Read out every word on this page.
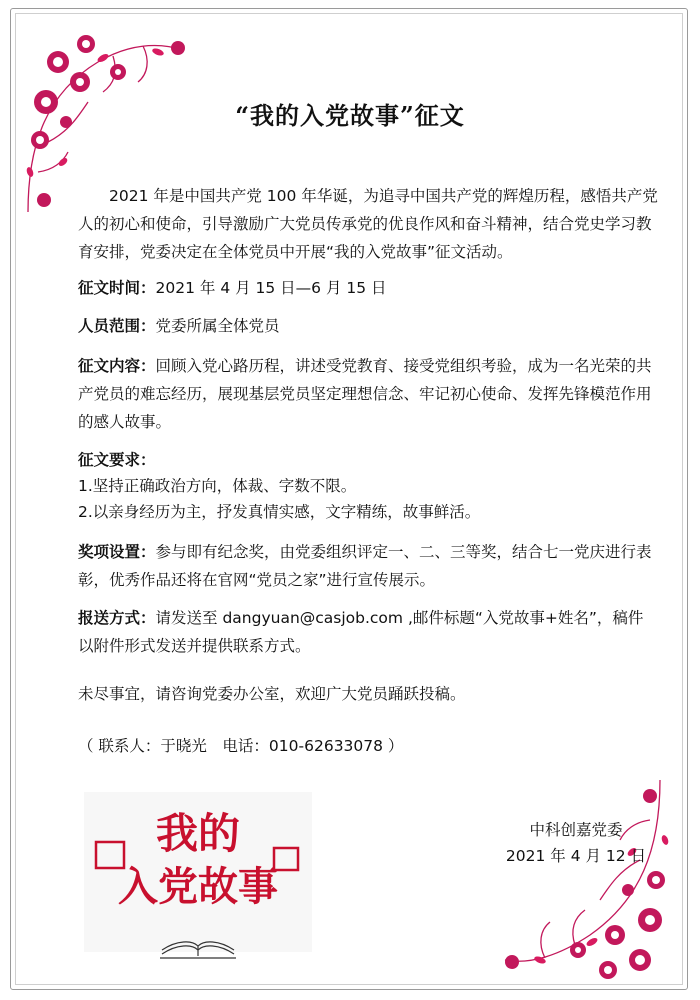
“我的入党故事”征文
2021 年是中国共产党 100 年华诞，为追寻中国共产党的辉煌历程，感悟共产党人的初心和使命，引导激励广大党员传承党的优良作风和奋斗精神，结合党史学习教育安排，党委决定在全体党员中开展“我的入党故事”征文活动。
征文时间：2021 年 4 月 15 日—6 月 15 日
人员范围：党委所属全体党员
征文内容：回顾入党心路历程，讲述受党教育、接受党组织考验，成为一名光荣的共产党员的难忘经历，展现基层党员坚定理想信念、牢记初心使命、发挥先锋模范作用的感人故事。
征文要求：
1.坚持正确政治方向，体裁、字数不限。
2.以亲身经历为主，抒发真情实感，文字精练，故事鲜活。
奖项设置：参与即有纪念奖，由党委组织评定一、二、三等奖，结合七一党庆进行表彰，优秀作品还将在官网“党员之家”进行宣传展示。
报送方式：请发送至 dangyuan@casjob.com ,邮件标题“入党故事+姓名”，稿件以附件形式发送并提供联系方式。
未尽事宜，请咨询党委办公室，欢迎广大党员踊跃投稿。
（ 联系人：于晓光　电话：010-62633078 ）
我的
入党故事
中科创嘉党委
2021 年 4 月 12 日
